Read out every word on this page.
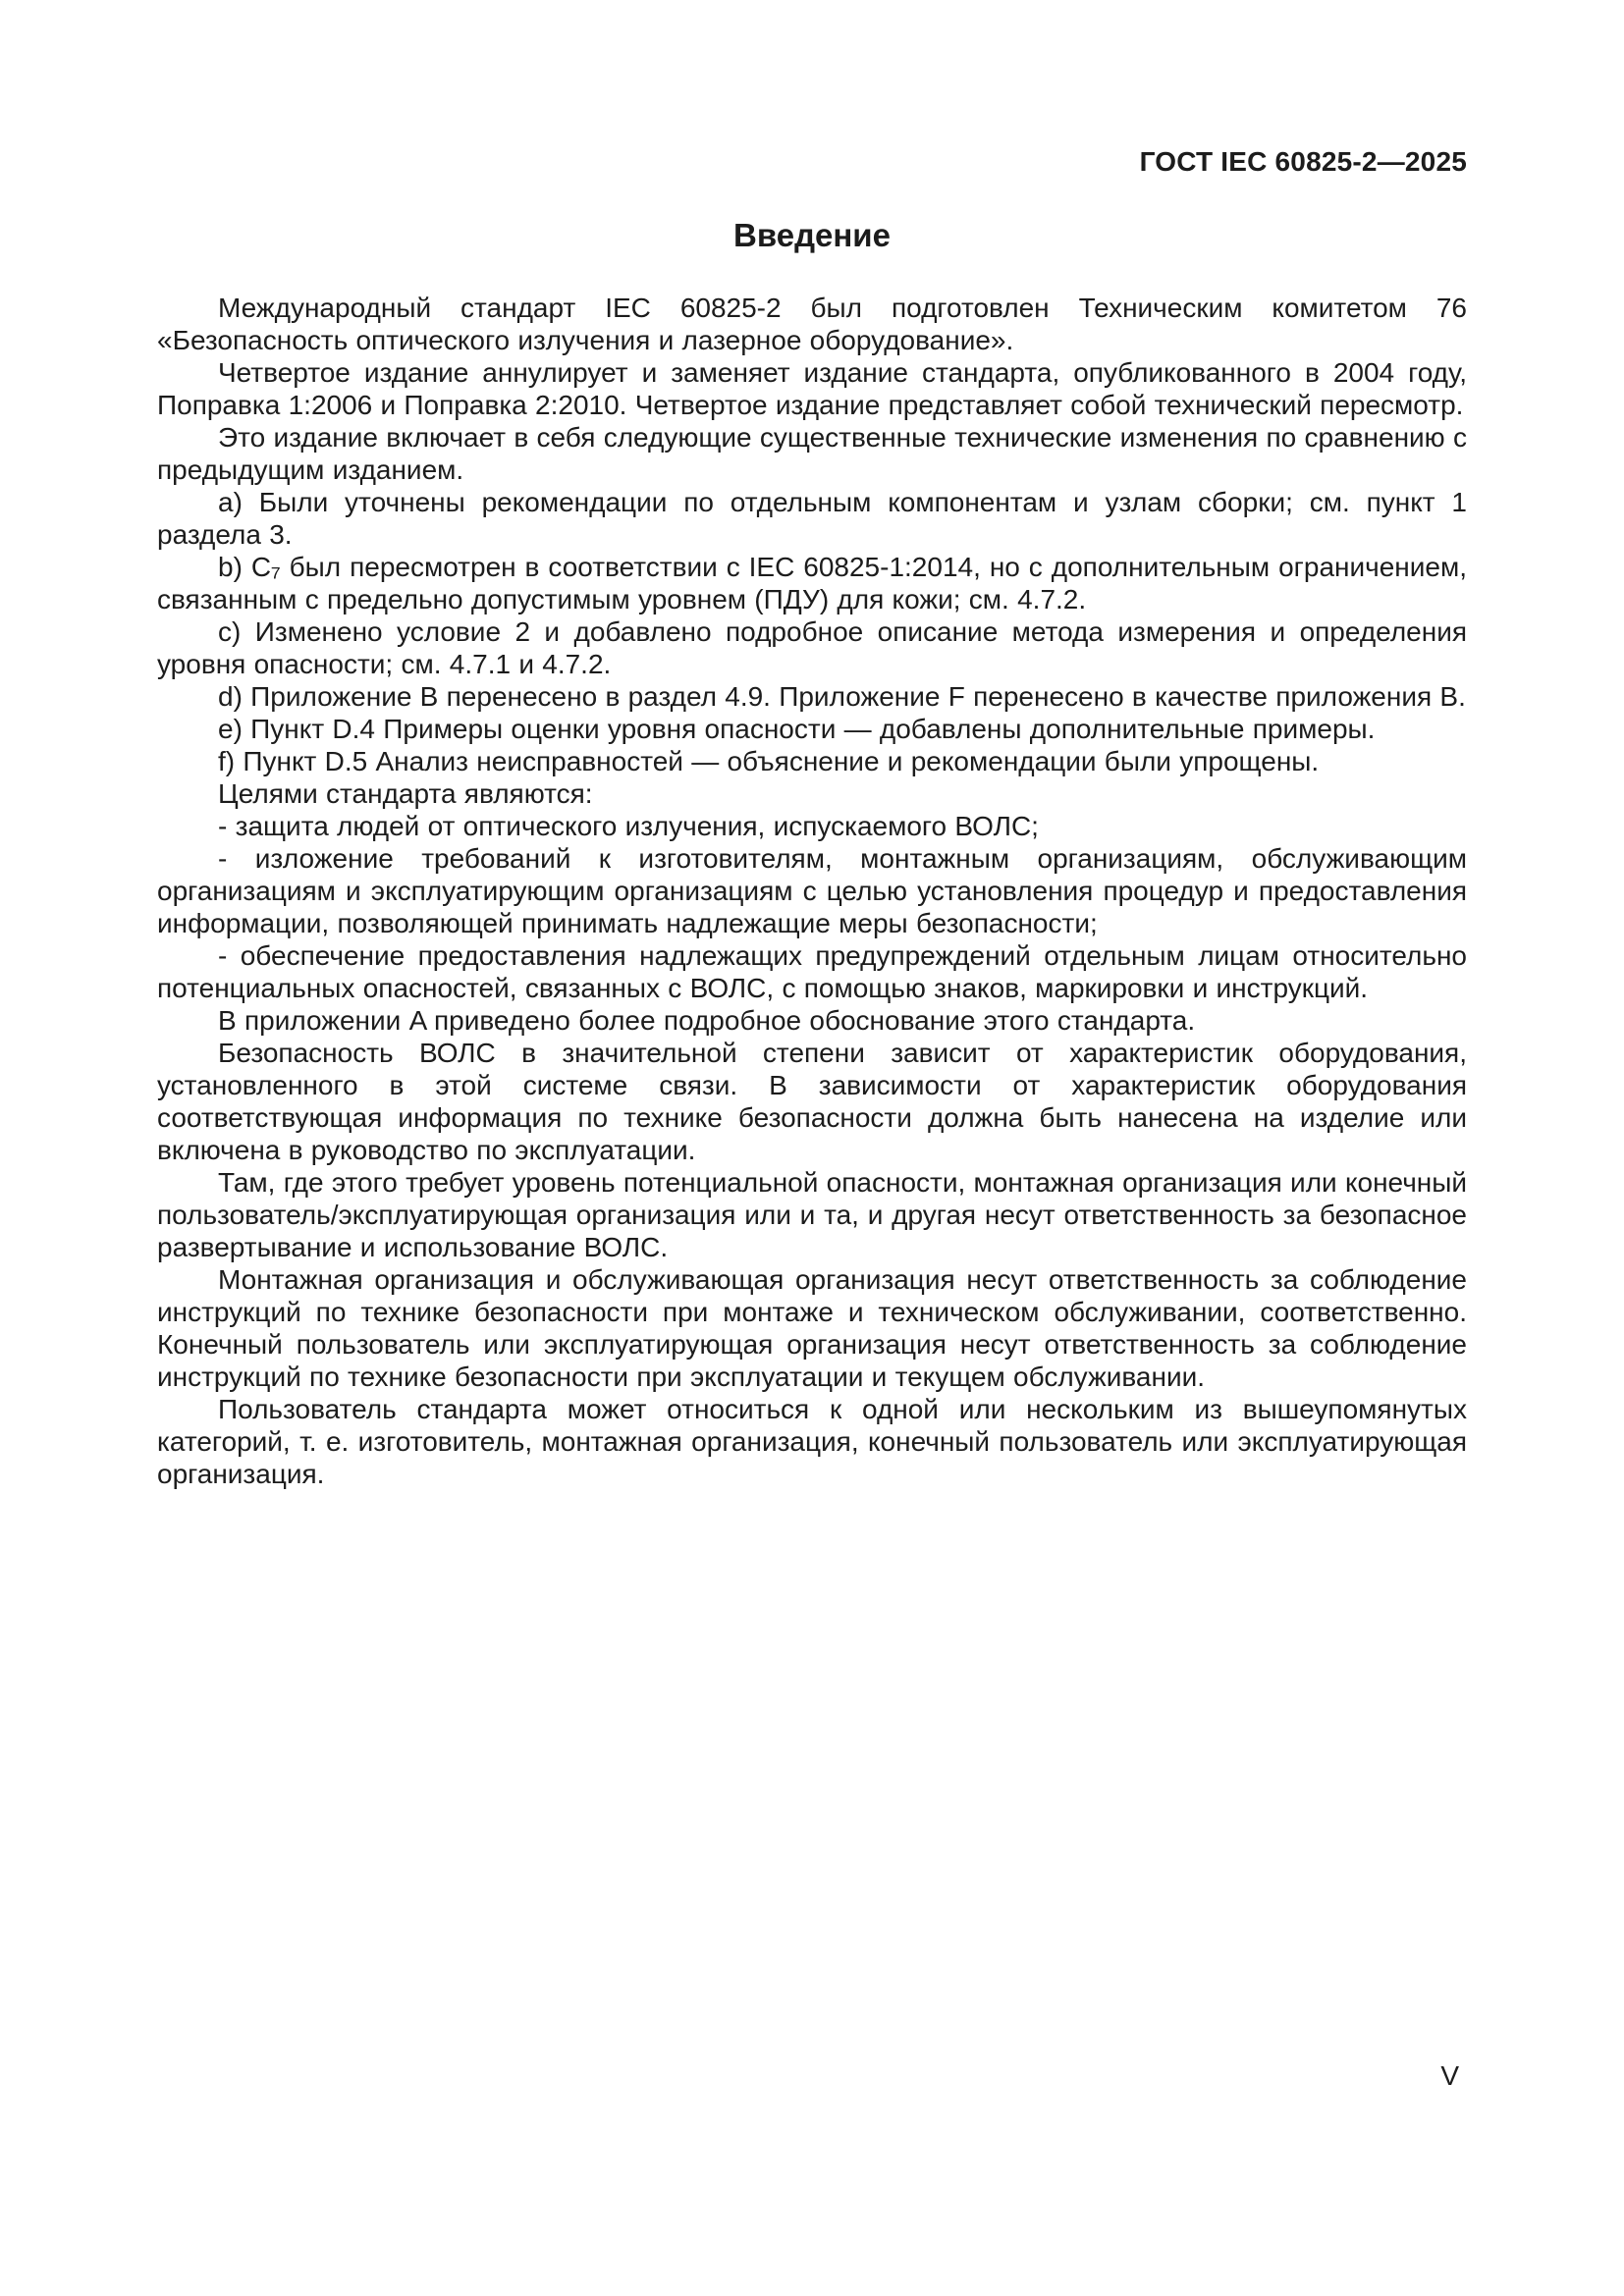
ГОСТ IEC 60825-2—2025
Введение

Международный стандарт IEC 60825-2 был подготовлен Техническим комитетом 76 «Безопасность оптического излучения и лазерное оборудование».

Четвертое издание аннулирует и заменяет издание стандарта, опубликованного в 2004 году, Поправка 1:2006 и Поправка 2:2010. Четвертое издание представляет собой технический пересмотр.

Это издание включает в себя следующие существенные технические изменения по сравнению с предыдущим изданием.

a) Были уточнены рекомендации по отдельным компонентам и узлам сборки; см. пункт 1 раздела 3.

b) C₇ был пересмотрен в соответствии с IEC 60825-1:2014, но с дополнительным ограничением, связанным с предельно допустимым уровнем (ПДУ) для кожи; см. 4.7.2.

c) Изменено условие 2 и добавлено подробное описание метода измерения и определения уровня опасности; см. 4.7.1 и 4.7.2.

d) Приложение B перенесено в раздел 4.9. Приложение F перенесено в качестве приложения B.

e) Пункт D.4 Примеры оценки уровня опасности — добавлены дополнительные примеры.

f) Пункт D.5 Анализ неисправностей — объяснение и рекомендации были упрощены.

Целями стандарта являются:

- защита людей от оптического излучения, испускаемого ВОЛС;

- изложение требований к изготовителям, монтажным организациям, обслуживающим организациям и эксплуатирующим организациям с целью установления процедур и предоставления информации, позволяющей принимать надлежащие меры безопасности;

- обеспечение предоставления надлежащих предупреждений отдельным лицам относительно потенциальных опасностей, связанных с ВОЛС, с помощью знаков, маркировки и инструкций.

В приложении A приведено более подробное обоснование этого стандарта.

Безопасность ВОЛС в значительной степени зависит от характеристик оборудования, установленного в этой системе связи. В зависимости от характеристик оборудования соответствующая информация по технике безопасности должна быть нанесена на изделие или включена в руководство по эксплуатации.

Там, где этого требует уровень потенциальной опасности, монтажная организация или конечный пользователь/эксплуатирующая организация или и та, и другая несут ответственность за безопасное развертывание и использование ВОЛС.

Монтажная организация и обслуживающая организация несут ответственность за соблюдение инструкций по технике безопасности при монтаже и техническом обслуживании, соответственно. Конечный пользователь или эксплуатирующая организация несут ответственность за соблюдение инструкций по технике безопасности при эксплуатации и текущем обслуживании.

Пользователь стандарта может относиться к одной или нескольким из вышеупомянутых категорий, т. е. изготовитель, монтажная организация, конечный пользователь или эксплуатирующая организация.

V
